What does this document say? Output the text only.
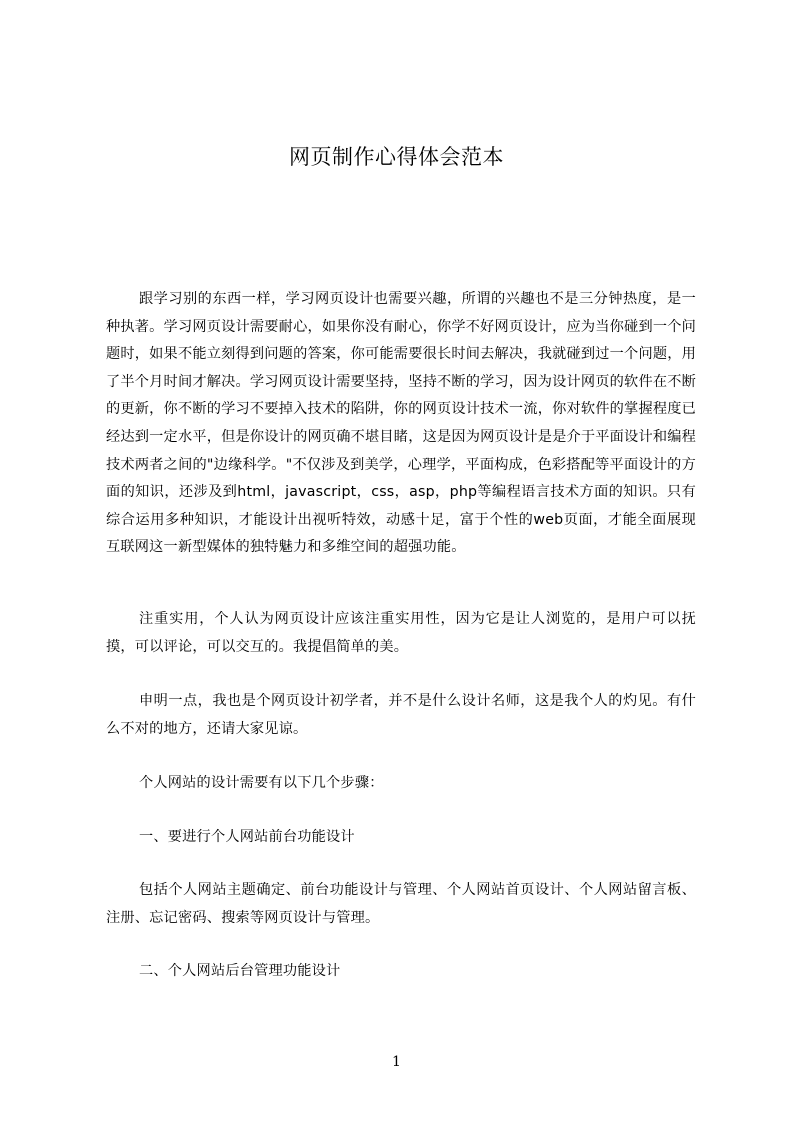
网页制作心得体会范本

跟学习别的东西一样，学习网页设计也需要兴趣，所谓的兴趣也不是三分钟热度，是一种执著。学习网页设计需要耐心，如果你没有耐心，你学不好网页设计，应为当你碰到一个问题时，如果不能立刻得到问题的答案，你可能需要很长时间去解决，我就碰到过一个问题，用了半个月时间才解决。学习网页设计需要坚持，坚持不断的学习，因为设计网页的软件在不断的更新，你不断的学习不要掉入技术的陷阱，你的网页设计技术一流，你对软件的掌握程度已经达到一定水平，但是你设计的网页确不堪目睹，这是因为网页设计是是介于平面设计和编程技术两者之间的"边缘科学。"不仅涉及到美学，心理学，平面构成，色彩搭配等平面设计的方面的知识，还涉及到html，javascript，css，asp，php等编程语言技术方面的知识。只有综合运用多种知识，才能设计出视听特效，动感十足，富于个性的web页面，才能全面展现互联网这一新型媒体的独特魅力和多维空间的超强功能。

注重实用，个人认为网页设计应该注重实用性，因为它是让人浏览的，是用户可以抚摸，可以评论，可以交互的。我提倡简单的美。

申明一点，我也是个网页设计初学者，并不是什么设计名师，这是我个人的灼见。有什么不对的地方，还请大家见谅。

个人网站的设计需要有以下几个步骤：

一、要进行个人网站前台功能设计

包括个人网站主题确定、前台功能设计与管理、个人网站首页设计、个人网站留言板、注册、忘记密码、搜索等网页设计与管理。

二、个人网站后台管理功能设计

1
